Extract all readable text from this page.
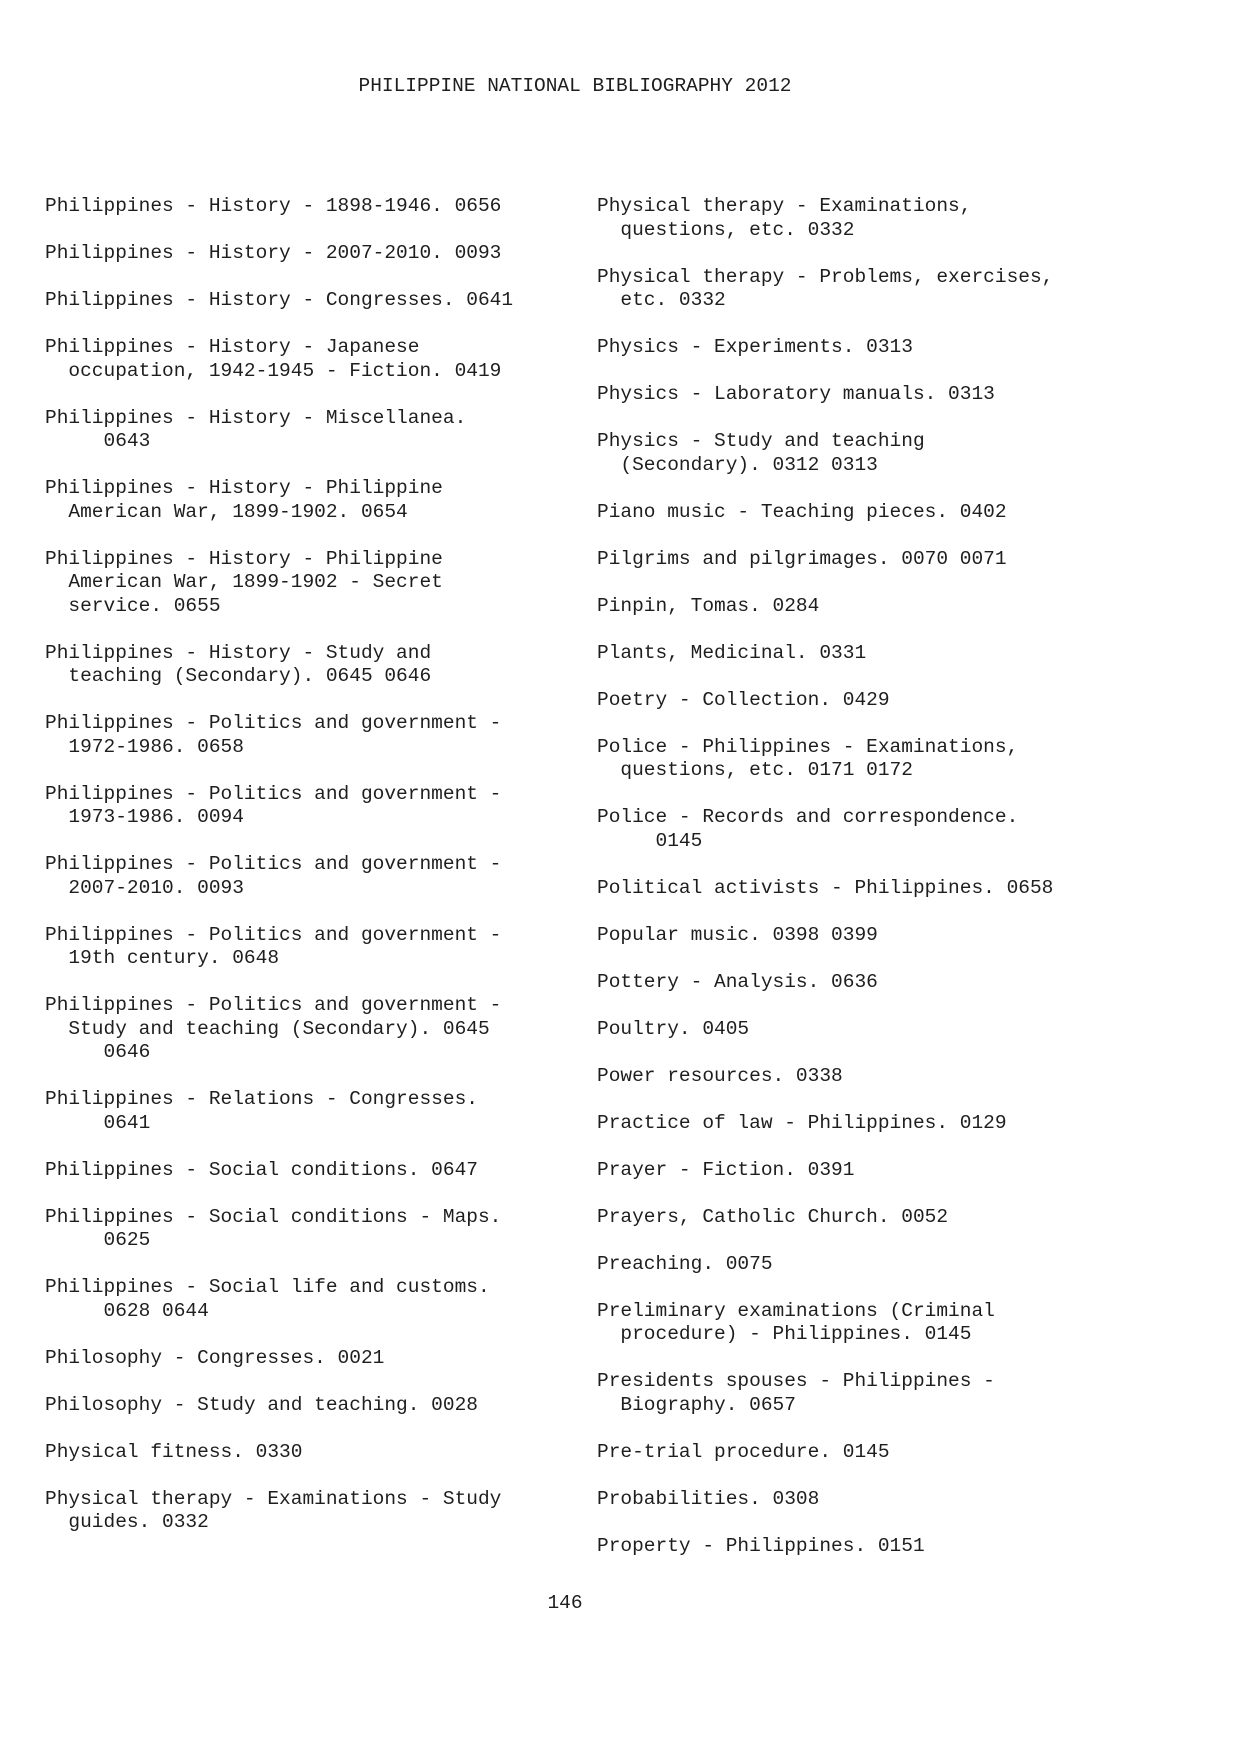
PHILIPPINE NATIONAL BIBLIOGRAPHY 2012
Philippines - History - 1898-1946. 0656
Philippines - History - 2007-2010. 0093
Philippines - History - Congresses. 0641
Philippines - History - Japanese
occupation, 1942-1945 - Fiction. 0419
Philippines - History - Miscellanea.
0643
Philippines - History - Philippine
American War, 1899-1902. 0654
Philippines - History - Philippine
American War, 1899-1902 - Secret
service. 0655
Philippines - History - Study and
teaching (Secondary). 0645 0646
Philippines - Politics and government -
1972-1986. 0658
Philippines - Politics and government -
1973-1986. 0094
Philippines - Politics and government -
2007-2010. 0093
Philippines - Politics and government -
19th century. 0648
Philippines - Politics and government -
Study and teaching (Secondary). 0645
0646
Philippines - Relations - Congresses.
0641
Philippines - Social conditions. 0647
Philippines - Social conditions - Maps.
0625
Philippines - Social life and customs.
0628 0644
Philosophy - Congresses. 0021
Philosophy - Study and teaching. 0028
Physical fitness. 0330
Physical therapy - Examinations - Study
guides. 0332
Physical therapy - Examinations,
questions, etc. 0332
Physical therapy - Problems, exercises,
etc. 0332
Physics - Experiments. 0313
Physics - Laboratory manuals. 0313
Physics - Study and teaching
(Secondary). 0312 0313
Piano music - Teaching pieces. 0402
Pilgrims and pilgrimages. 0070 0071
Pinpin, Tomas. 0284
Plants, Medicinal. 0331
Poetry - Collection. 0429
Police - Philippines - Examinations,
questions, etc. 0171 0172
Police - Records and correspondence.
0145
Political activists - Philippines. 0658
Popular music. 0398 0399
Pottery - Analysis. 0636
Poultry. 0405
Power resources. 0338
Practice of law - Philippines. 0129
Prayer - Fiction. 0391
Prayers, Catholic Church. 0052
Preaching. 0075
Preliminary examinations (Criminal
procedure) - Philippines. 0145
Presidents spouses - Philippines -
Biography. 0657
Pre-trial procedure. 0145
Probabilities. 0308
Property - Philippines. 0151
146
